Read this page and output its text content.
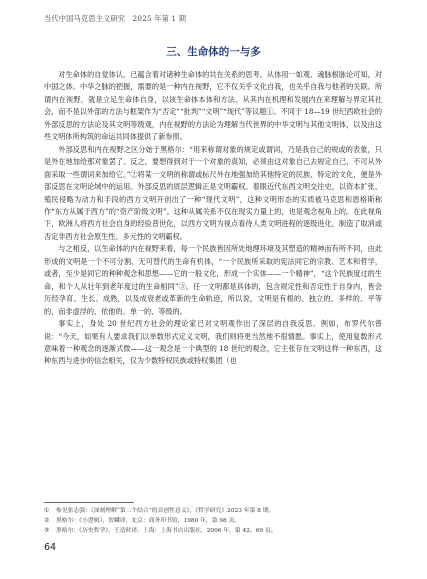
当代中国马克思主义研究　2025 年第 1 期
三、生命体的一与多

对生命体的自觉体认，已蕴含着对诸种生命体的共在关系的思考。从体用一如观、魂脉根脉论可知，对中国之体、中华之脉的把握，需要的是一种内在视野，它不仅关乎文化自我，也关乎自我与他者的关联。所谓内在视野，就是立足生命体自身，以该生命体本体和方法、从其内在机理和发展内在来理解与界定其社会，而不是以外部的方法与框架作为“否定”“批判”“文明”“现代”等议题①。不同于 18—19 世纪西欧社会的外部反思的方法论及其文明等级观，内在视野的方法论为理解当代世界的中华文明与其他文明体，以及由这些文明体所构筑的命运共同体提供了新参照。

外部反思和内在视野之区分始于黑格尔：“用来称谓对象的规定或谓词，乃是我自己的规或的表象，只是外在地加给那对象罢了。反之，要想得到对于一个对象的真知，必须由这对象自己去规定自己，不可从外面采取一些谓词来加给它。”②将某一文明的称谓或标尺外在地强加给其他特定的民族、特定的文化，便是外部反思在文明论域中的运用。外部反思的底层逻辑正是文明霸权。着眼近代东西文明交往史，以资本扩张、殖民侵略为动力和手段的西方文明开创出了一种“现代文明”，这种文明形态的实质被马克思和恩格斯称作“东方从属于西方”的“资产阶级文明”。这种从属关系不仅在现实力量上的，也是观念视角上的。在此视角下，欧洲人将西方社会自身的经验普世化，以西方文明为视点看待人类文明进程的逐级进化，制造了取消或否定非西方社会原生性、多元性的文明霸权。

与之相反，以生命体的内在视野来看，每一个民族皆因所处地理环境及其塑造的精神而有所不同，由此形成的文明是一个不可分割、无可替代的生命有机体，“一个民族所采取的宪法同它的宗教、艺术和哲学，或者，至少是同它的种种观念和思想——它的一般文化，形成一个实体——一个精神”，“这个民族度过的生命，和个人从壮年到老年度过的生命相同”③。任一文明都是具体的，包含规定性和否定性于自身内，皆会历经孕育、生长、成熟，以及成衰老或革新的生命轨迹，所以说，文明是有根的、独立的、多样的、平等的，而非虚浮的、依他的、单一的、等级的。

事实上，身处 20 世纪西方社会的理论家已对文明观作出了深层的自我反思。例如，布罗代尔曾说：“今天，如果有人要求我们以单数形式定义文明，我们则将更当然地不很情愿。事实上，使用复数形式意味着一种观念的逐渐式微——这一观念是一个典型的 18 世纪的观念，它主张存在文明这样一种东西，这种东西与进步的信念相关，仅为少数特权民族或特权集团（也

① 参见张志强：《深刻理解“第二个结合”的首创性意义》，《哲学研究》2023 年第 8 期。
② 黑格尔：《小逻辑》，贺麟译，北京：商务印书馆，1980 年，第 98 页。
③ 黑格尔：《历史哲学》，王造时译，上海：上海书店出版社，2006 年，第 42、69 页。
64
